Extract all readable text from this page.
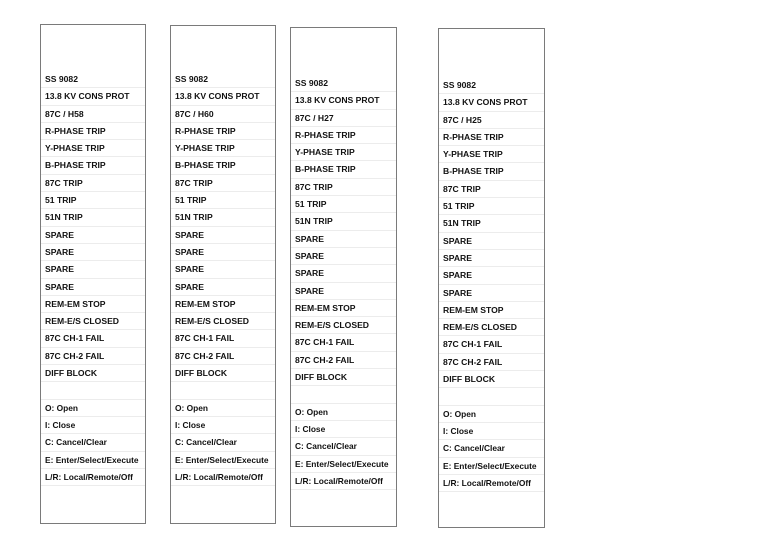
SS 9082
13.8 KV CONS PROT
87C / H58
R-PHASE TRIP
Y-PHASE TRIP
B-PHASE TRIP
87C TRIP
51 TRIP
51N TRIP
SPARE
SPARE
SPARE
SPARE
REM-EM STOP
REM-E/S CLOSED
87C CH-1 FAIL
87C CH-2 FAIL
DIFF BLOCK
O: Open
I: Close
C: Cancel/Clear
E: Enter/Select/Execute
L/R: Local/Remote/Off
SS 9082
13.8 KV CONS PROT
87C / H60
R-PHASE TRIP
Y-PHASE TRIP
B-PHASE TRIP
87C TRIP
51 TRIP
51N TRIP
SPARE
SPARE
SPARE
SPARE
REM-EM STOP
REM-E/S CLOSED
87C CH-1 FAIL
87C CH-2 FAIL
DIFF BLOCK
O: Open
I: Close
C: Cancel/Clear
E: Enter/Select/Execute
L/R: Local/Remote/Off
SS 9082
13.8 KV CONS PROT
87C / H27
R-PHASE TRIP
Y-PHASE TRIP
B-PHASE TRIP
87C TRIP
51 TRIP
51N TRIP
SPARE
SPARE
SPARE
SPARE
REM-EM STOP
REM-E/S CLOSED
87C CH-1 FAIL
87C CH-2 FAIL
DIFF BLOCK
O: Open
I: Close
C: Cancel/Clear
E: Enter/Select/Execute
L/R: Local/Remote/Off
SS 9082
13.8 KV CONS PROT
87C / H25
R-PHASE TRIP
Y-PHASE TRIP
B-PHASE TRIP
87C TRIP
51 TRIP
51N TRIP
SPARE
SPARE
SPARE
SPARE
REM-EM STOP
REM-E/S CLOSED
87C CH-1 FAIL
87C CH-2 FAIL
DIFF BLOCK
O: Open
I: Close
C: Cancel/Clear
E: Enter/Select/Execute
L/R: Local/Remote/Off
